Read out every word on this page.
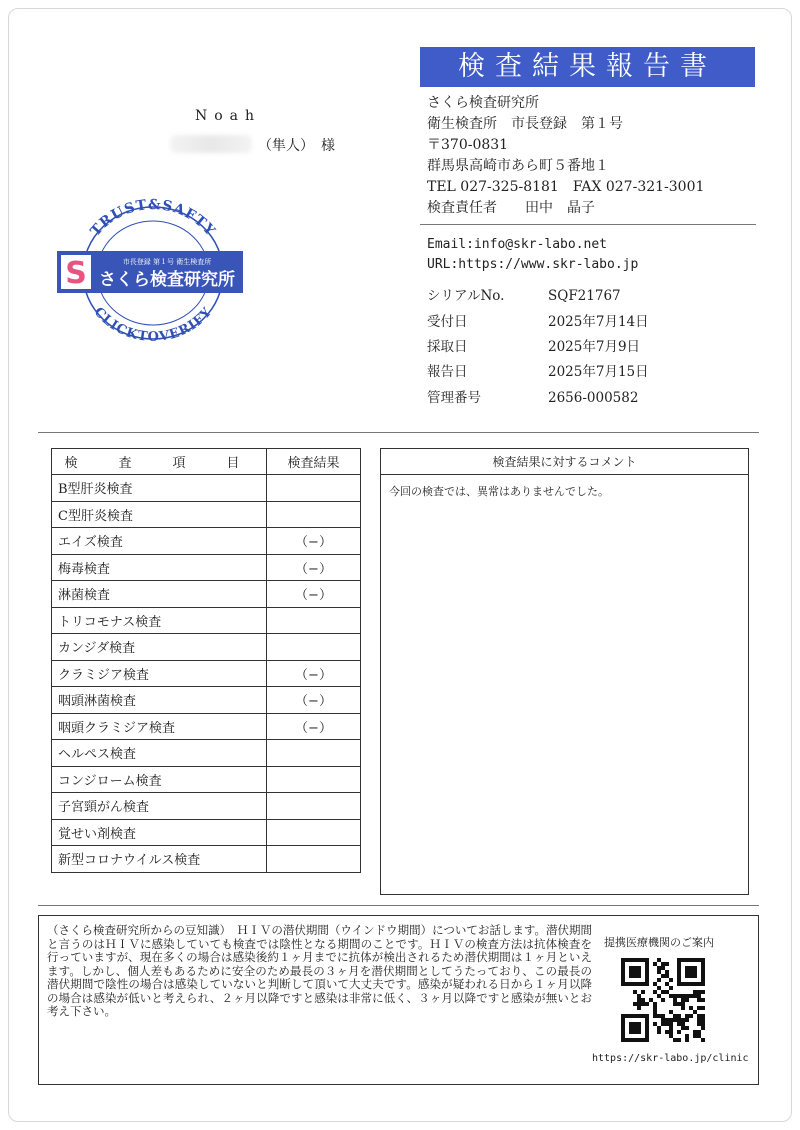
検査結果報告書
Noah
（隼人）　様
さくら検査研究所
衛生検査所　市長登録　第１号
〒370-0831
群馬県高崎市あら町５番地１
TEL 027-325-8181　FAX 027-321-3001
検査責任者　　田中　晶子
Email:info@skr-labo.net
URL:https://www.skr-labo.jp
シリアルNo.	SQF21767
受付日	2025年7月14日
採取日	2025年7月9日
報告日	2025年7月15日
管理番号	2656-000582
TRUST&SAFTY
CLICKTOVERIFY
S	市長登録 第１号 衛生検査所
さくら検査研究所
検　査　項　目	検査結果
B型肝炎検査	
C型肝炎検査	
エイズ検査	（−）
梅毒検査	（−）
淋菌検査	（−）
トリコモナス検査	
カンジダ検査	
クラミジア検査	（−）
咽頭淋菌検査	（−）
咽頭クラミジア検査	（−）
ヘルペス検査	
コンジローム検査	
子宮頸がん検査	
覚せい剤検査	
新型コロナウイルス検査	
検査結果に対するコメント
今回の検査では、異常はありませんでした。
（さくら検査研究所からの豆知識）　ＨＩＶの潜伏期間（ウインドウ期間）についてお話します。潜伏期間と言うのはＨＩＶに感染していても検査では陰性となる期間のことです。ＨＩＶの検査方法は抗体検査を行っていますが、現在多くの場合は感染後約１ヶ月までに抗体が検出されるため潜伏期間は１ヶ月といえます。しかし、個人差もあるために安全のため最長の３ヶ月を潜伏期間としてうたっており、この最長の潜伏期間で陰性の場合は感染していないと判断して頂いて大丈夫です。感染が疑われる日から１ヶ月以降の場合は感染が低いと考えられ、２ヶ月以降ですと感染は非常に低く、３ヶ月以降ですと感染が無いとお考え下さい。
提携医療機関のご案内
https://skr-labo.jp/clinic
